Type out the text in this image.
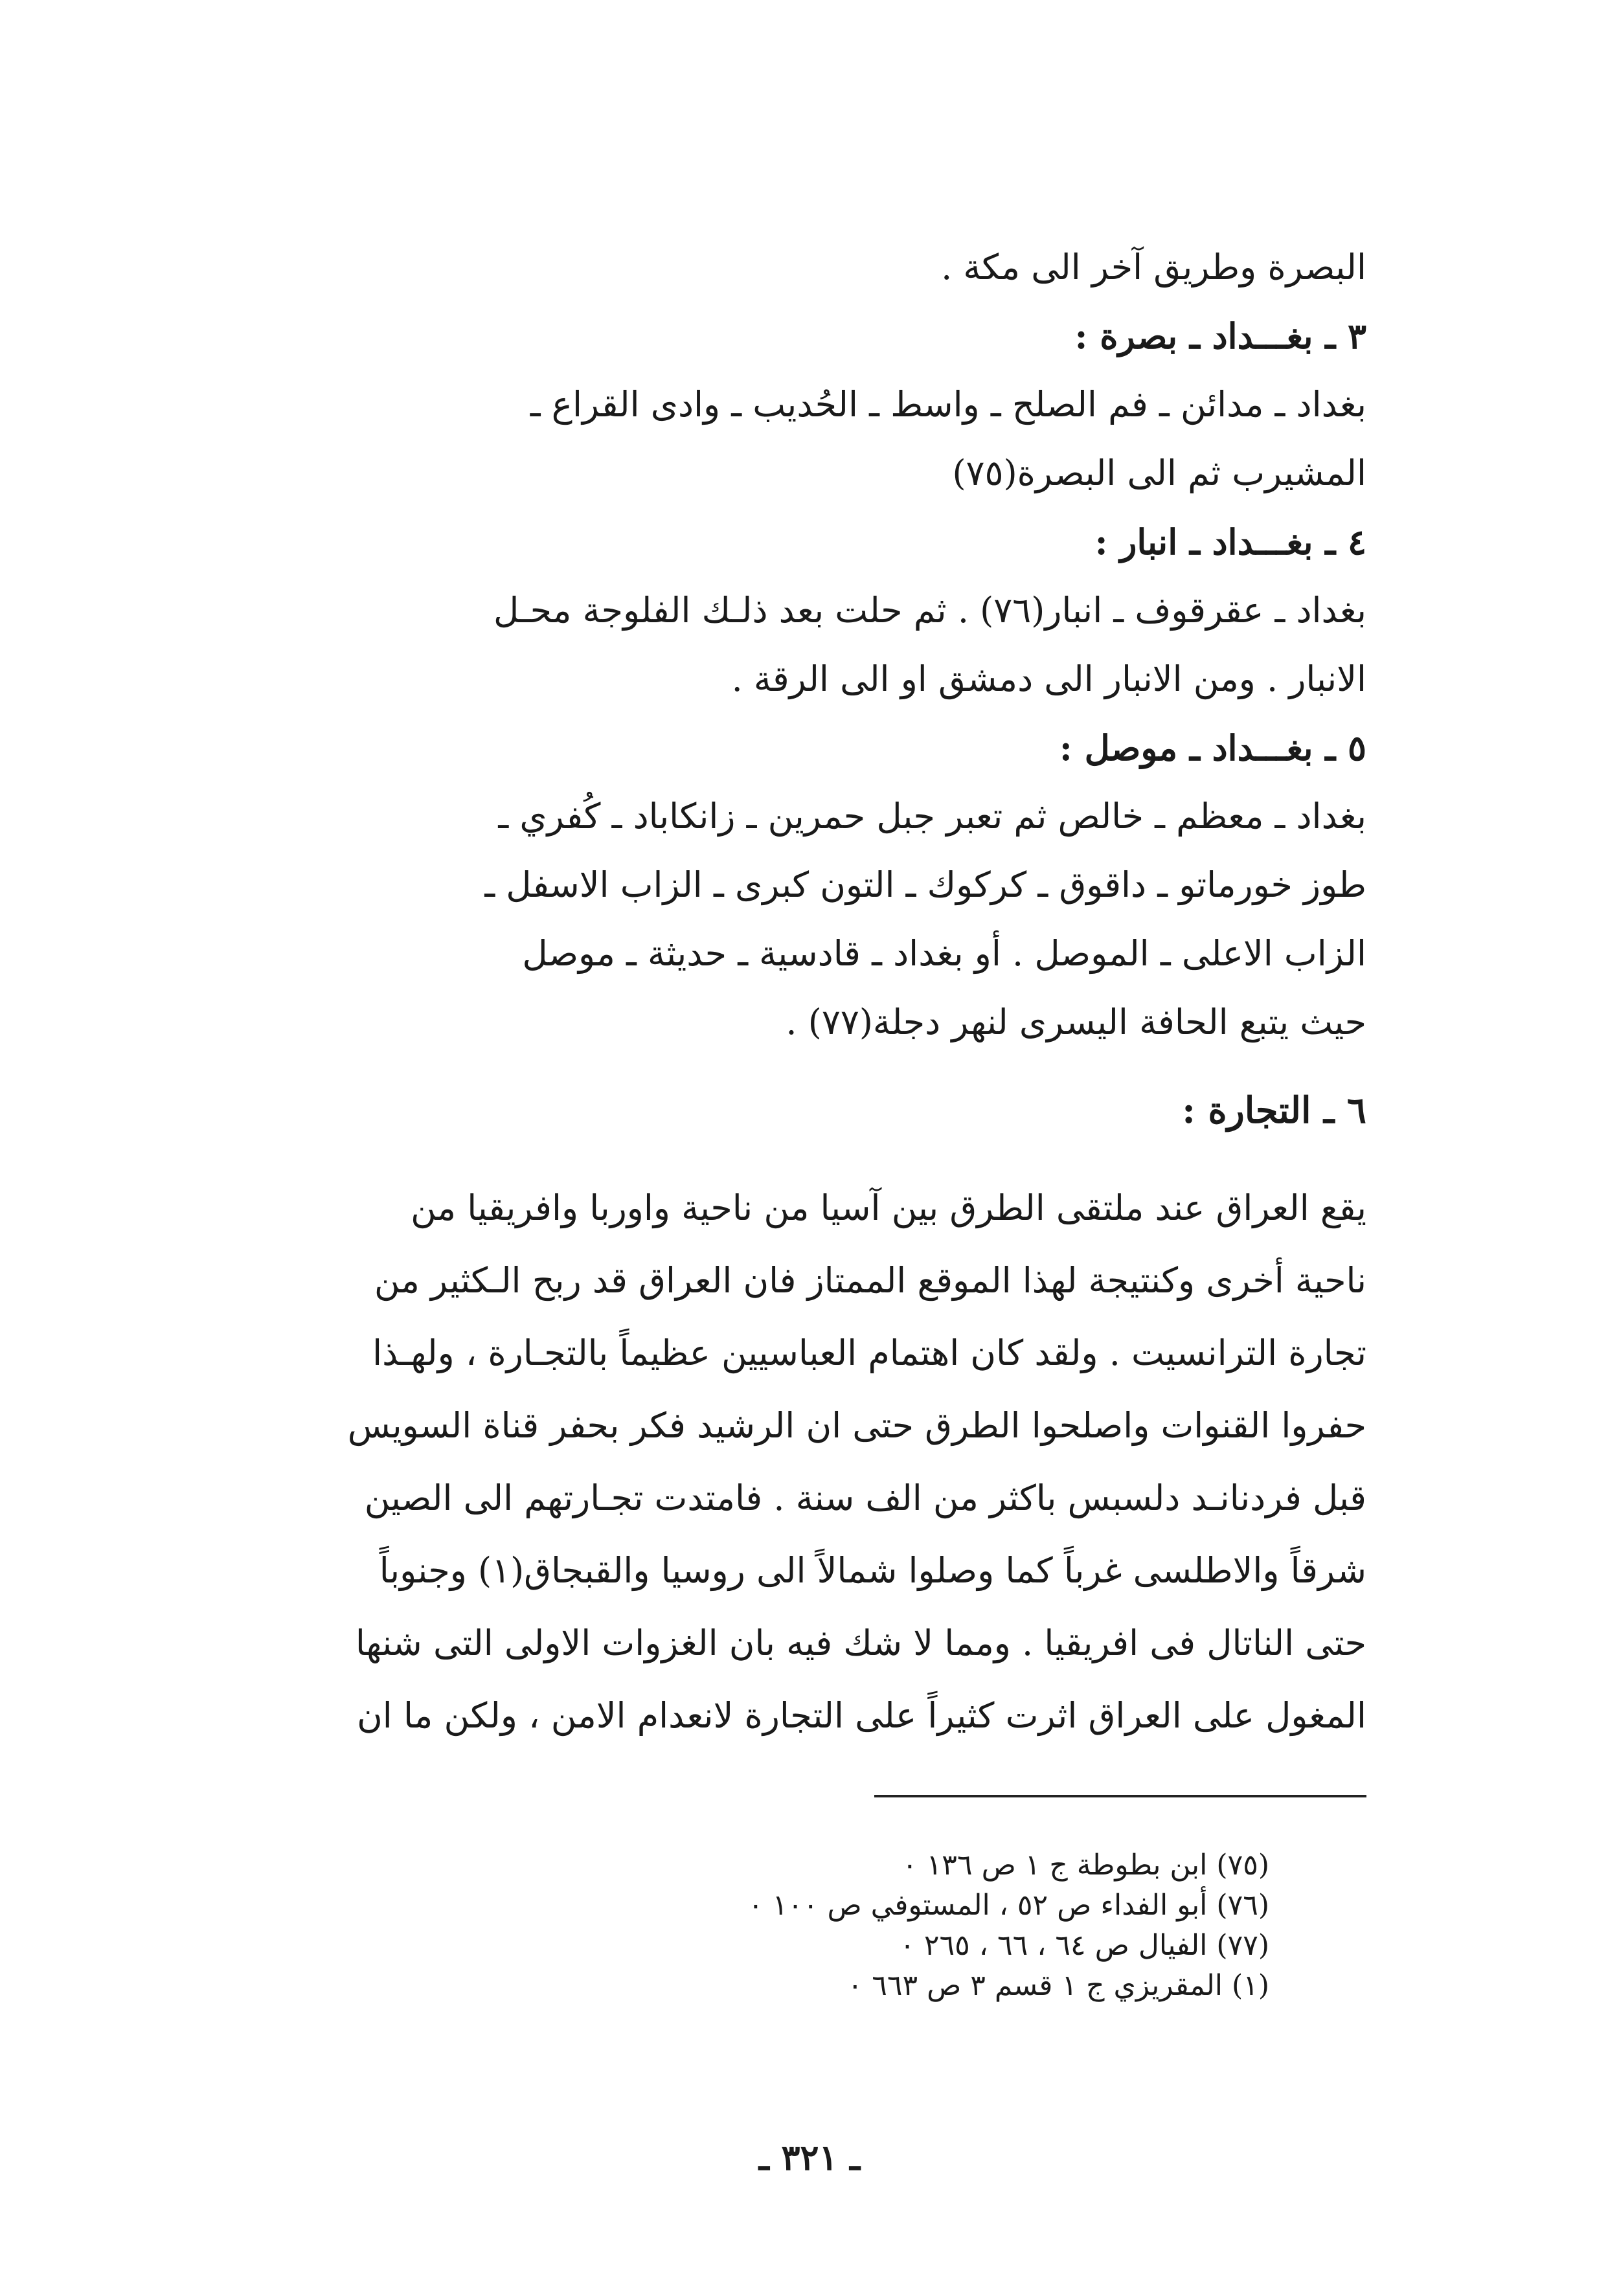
البصرة وطريق آخر الى مكة .
٣ ـ بغـــداد ـ بصرة :
بغداد ـ مدائن ـ فم الصلح ـ واسط ـ الحُديب ـ وادى القراع ـ
المشيرب ثم الى البصرة(٧٥)
٤ ـ بغـــداد ـ انبار :
بغداد ـ عقرقوف ـ انبار(٧٦) . ثم حلت بعد ذلـك الفلوجة محـل
الانبار . ومن الانبار الى دمشق او الى الرقة .
٥ ـ بغـــداد ـ موصل :
بغداد ـ معظم ـ خالص ثم تعبر جبل حمرين ـ زانكاباد ـ كُفري ـ
طوز خورماتو ـ داقوق ـ كركوك ـ التون كبرى ـ الزاب الاسفل ـ
الزاب الاعلى ـ الموصل . أو بغداد ـ قادسية ـ حديثة ـ موصل
حيث يتبع الحافة اليسرى لنهر دجلة(٧٧) .
٦ ـ التجارة :
يقع العراق عند ملتقى الطرق بين آسيا من ناحية واوربا وافريقيا من
ناحية أخرى وكنتيجة لهذا الموقع الممتاز فان العراق قد ربح الـكثير من
تجارة الترانسيت . ولقد كان اهتمام العباسيين عظيماً بالتجـارة ، ولهـذا
حفروا القنوات واصلحوا الطرق حتى ان الرشيد فكر بحفر قناة السويس
قبل فردنانـد دلسبس باكثر من الف سنة . فامتدت تجـارتهم الى الصين
شرقاً والاطلسى غرباً كما وصلوا شمالاً الى روسيا والقبجاق(١) وجنوباً
حتى الناتال فى افريقيا . ومما لا شك فيه بان الغزوات الاولى التى شنها
المغول على العراق اثرت كثيراً على التجارة لانعدام الامن ، ولكن ما ان
(٧٥) ابن بطوطة ج ١ ص ١٣٦ ٠
(٧٦) أبو الفداء ص ٥٢ ، المستوفي ص ١٠٠ ٠
(٧٧) الفيال ص ٦٤ ، ٦٦ ، ٢٦٥ ٠
(١) المقريزي ج ١ قسم ٣ ص ٦٦٣ ٠
ـ ٣٢١ ـ
